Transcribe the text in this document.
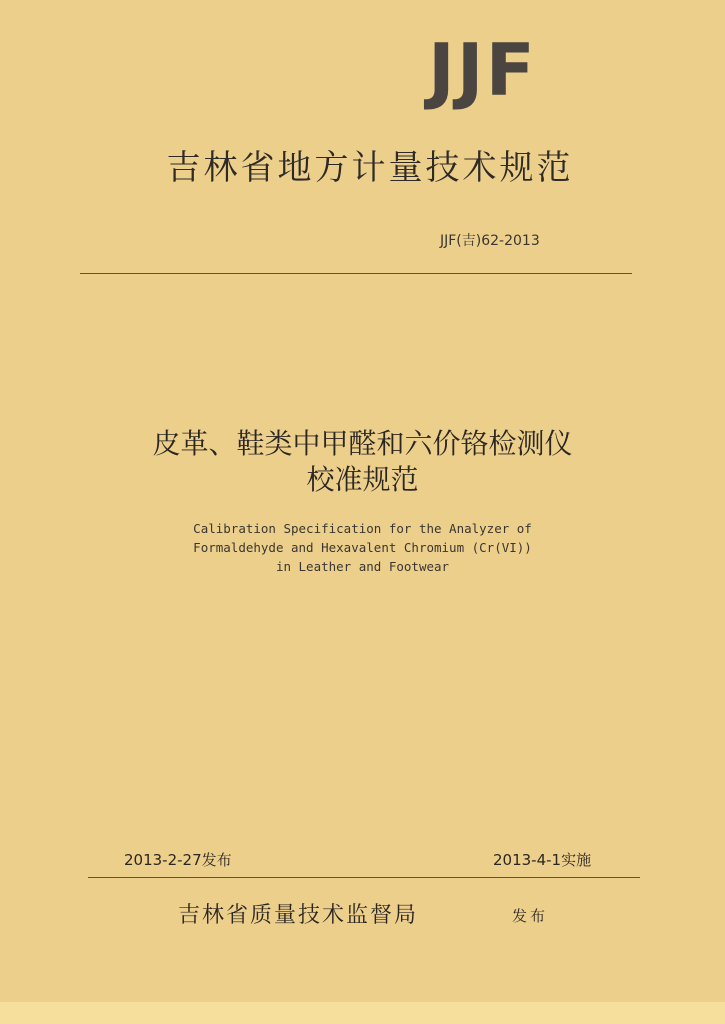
JJF
吉林省地方计量技术规范
JJF(吉)62-2013
皮革、鞋类中甲醛和六价铬检测仪
校准规范
Calibration Specification for the Analyzer of
Formaldehyde and Hexavalent Chromium (Cr(VI))
in Leather and Footwear
2013-2-27发布	2013-4-1实施
吉林省质量技术监督局	发布
